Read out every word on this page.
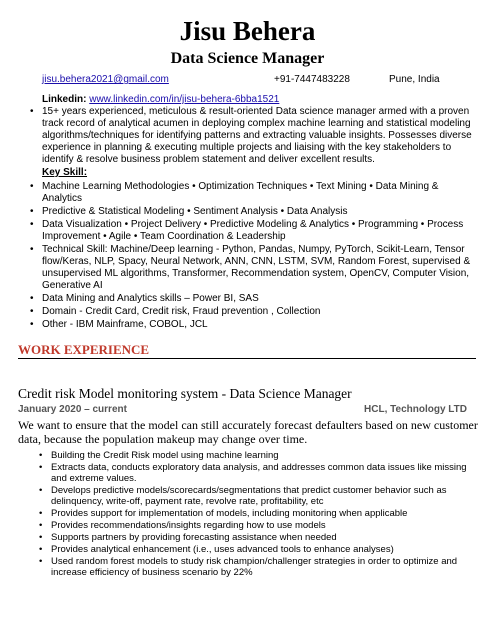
Jisu Behera
Data Science Manager
jisu.behera2021@gmail.com	+91-7447483228	Pune, India
Linkedin: www.linkedin.com/in/jisu-behera-6bba1521
• 15+ years experienced, meticulous & result-oriented Data science manager armed with a proven track record of analytical acumen in deploying complex machine learning and statistical modeling algorithms/techniques for identifying patterns and extracting valuable insights. Possesses diverse experience in planning & executing multiple projects and liaising with the key stakeholders to identify & resolve business problem statement and deliver excellent results.
Key Skill:
• Machine Learning Methodologies • Optimization Techniques • Text Mining • Data Mining & Analytics
• Predictive & Statistical Modeling • Sentiment Analysis • Data Analysis
• Data Visualization • Project Delivery • Predictive Modeling & Analytics • Programming • Process Improvement • Agile • Team Coordination & Leadership
• Technical Skill: Machine/Deep learning - Python, Pandas, Numpy, PyTorch, Scikit-Learn, Tensor flow/Keras, NLP, Spacy, Neural Network, ANN, CNN, LSTM, SVM, Random Forest, supervised & unsupervised ML algorithms, Transformer, Recommendation system, OpenCV, Computer Vision, Generative AI
• Data Mining and Analytics skills – Power BI, SAS
• Domain - Credit Card, Credit risk, Fraud prevention , Collection
• Other - IBM Mainframe, COBOL, JCL
WORK EXPERIENCE
Credit risk Model monitoring system - Data Science Manager
January 2020 – current	HCL, Technology LTD
We want to ensure that the model can still accurately forecast defaulters based on new customer data, because the population makeup may change over time.
• Building the Credit Risk model using machine learning
• Extracts data, conducts exploratory data analysis, and addresses common data issues like missing and extreme values.
• Develops predictive models/scorecards/segmentations that predict customer behavior such as delinquency, write-off, payment rate, revolve rate, profitability, etc
• Provides support for implementation of models, including monitoring when applicable
• Provides recommendations/insights regarding how to use models
• Supports partners by providing forecasting assistance when needed
• Provides analytical enhancement (i.e., uses advanced tools to enhance analyses)
• Used random forest models to study risk champion/challenger strategies in order to optimize and increase efficiency of business scenario by 22%
